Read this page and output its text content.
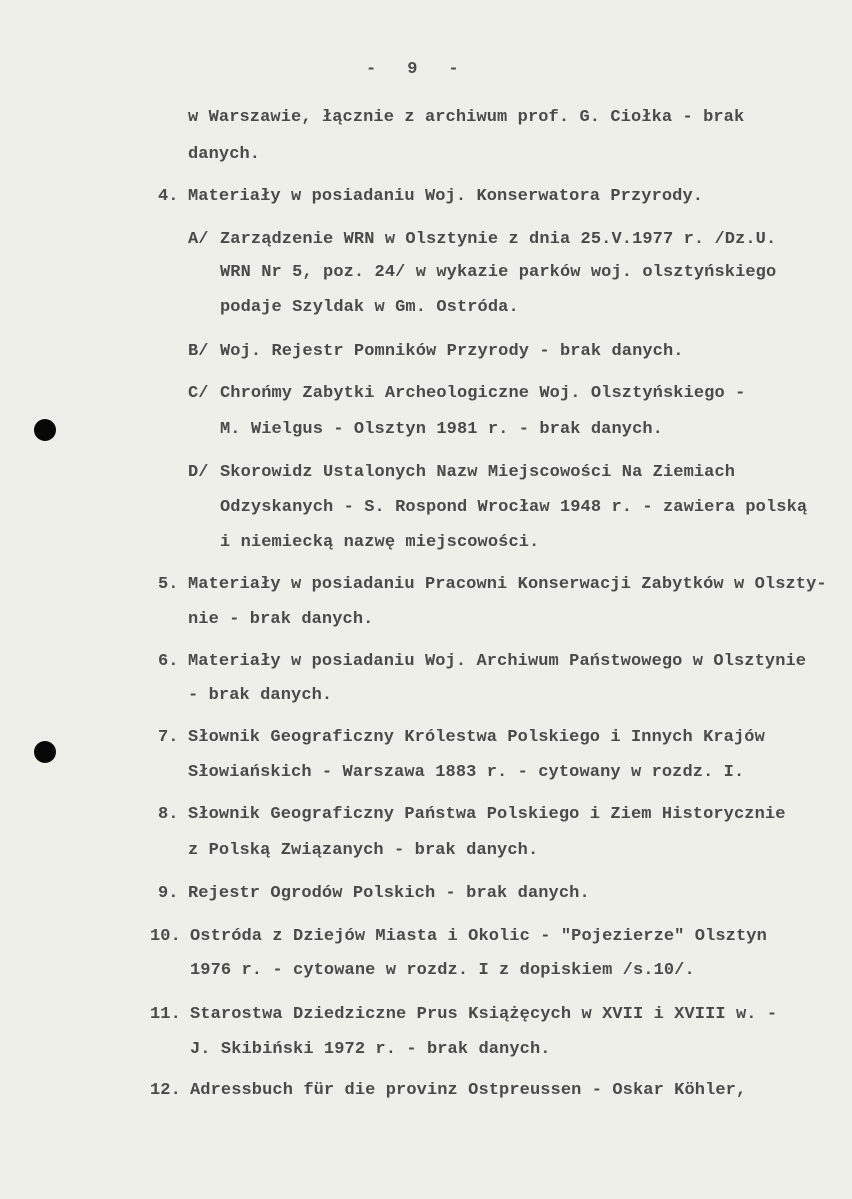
-   9   -
w Warszawie, łącznie z archiwum prof. G. Ciołka - brak
danych.
4. Materiały w posiadaniu Woj. Konserwatora Przyrody.
A/ Zarządzenie WRN w Olsztynie z dnia 25.V.1977 r. /Dz.U.
WRN Nr 5, poz. 24/ w wykazie parków woj. olsztyńskiego
podaje Szyldak w Gm. Ostróda.
B/ Woj. Rejestr Pomników Przyrody - brak danych.
C/ Chrońmy Zabytki Archeologiczne Woj. Olsztyńskiego -
M. Wielgus - Olsztyn 1981 r. - brak danych.
D/ Skorowidz Ustalonych Nazw Miejscowości Na Ziemiach
Odzyskanych - S. Rospond Wrocław 1948 r. - zawiera polską
i niemiecką nazwę miejscowości.
5. Materiały w posiadaniu Pracowni Konserwacji Zabytków w Olszty-
nie - brak danych.
6. Materiały w posiadaniu Woj. Archiwum Państwowego w Olsztynie
- brak danych.
7. Słownik Geograficzny Królestwa Polskiego i Innych Krajów
Słowiańskich - Warszawa 1883 r. - cytowany w rozdz. I.
8. Słownik Geograficzny Państwa Polskiego i Ziem Historycznie
z Polską Związanych - brak danych.
9. Rejestr Ogrodów Polskich - brak danych.
10. Ostróda z Dziejów Miasta i Okolic - "Pojezierze" Olsztyn
1976 r. - cytowane w rozdz. I z dopiskiem /s.10/.
11. Starostwa Dziedziczne Prus Książęcych w XVII i XVIII w. -
J. Skibiński 1972 r. - brak danych.
12. Adressbuch für die provinz Ostpreussen - Oskar Köhler,
